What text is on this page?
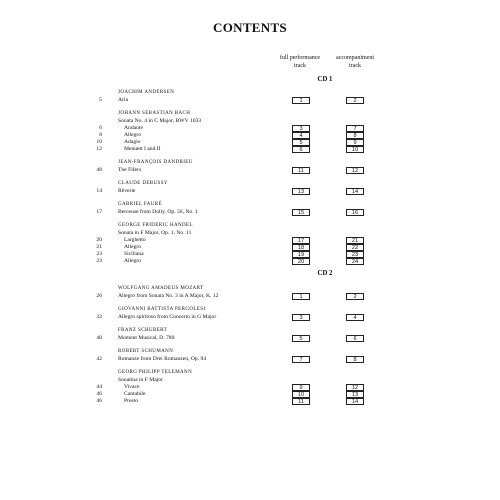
CONTENTS
full performance
track
accompaniment
track
CD 1
CD 2
JOACHIM ANDERSEN
5	Aria	1	2
JOHANN SEBASTIAN BACH
Sonata No. 4 in C Major, BWV 1033
6	Andante	3	7
8	Allegro	4	8
10	Adagio	5	9
12	Menuett I and II	6	10
JEAN-FRANÇOIS DANDRIEU
48	The Fifers	11	12
CLAUDE DEBUSSY
14	Rêverie	13	14
GABRIEL FAURÉ
17	Berceuse from Dolly, Op. 56, No. 1	15	16
GEORGE FRIDERIC HANDEL
Sonata in F Major, Op. 1, No. 11
20	Larghetto	17	21
21	Allegro	18	22
23	Siciliana	19	23
23	Allegro	20	24
WOLFGANG AMADEUS MOZART
26	Allegro from Sonata No. 3 in A Major, K. 12	1	2
GIOVANNI BATTISTA PERGOLESI
32	Allegro spiritoso from Concerto in G Major	3	4
FRANZ SCHUBERT
40	Moment Musical, D. 780	5	6
ROBERT SCHUMANN
42	Romanze from Drei Romanzen, Op. 94	7	8
GEORG PHILIPP TELEMANN
Sonatina in F Major
44	Vivace	9	12
46	Cantabile	10	13
46	Presto	11	14
